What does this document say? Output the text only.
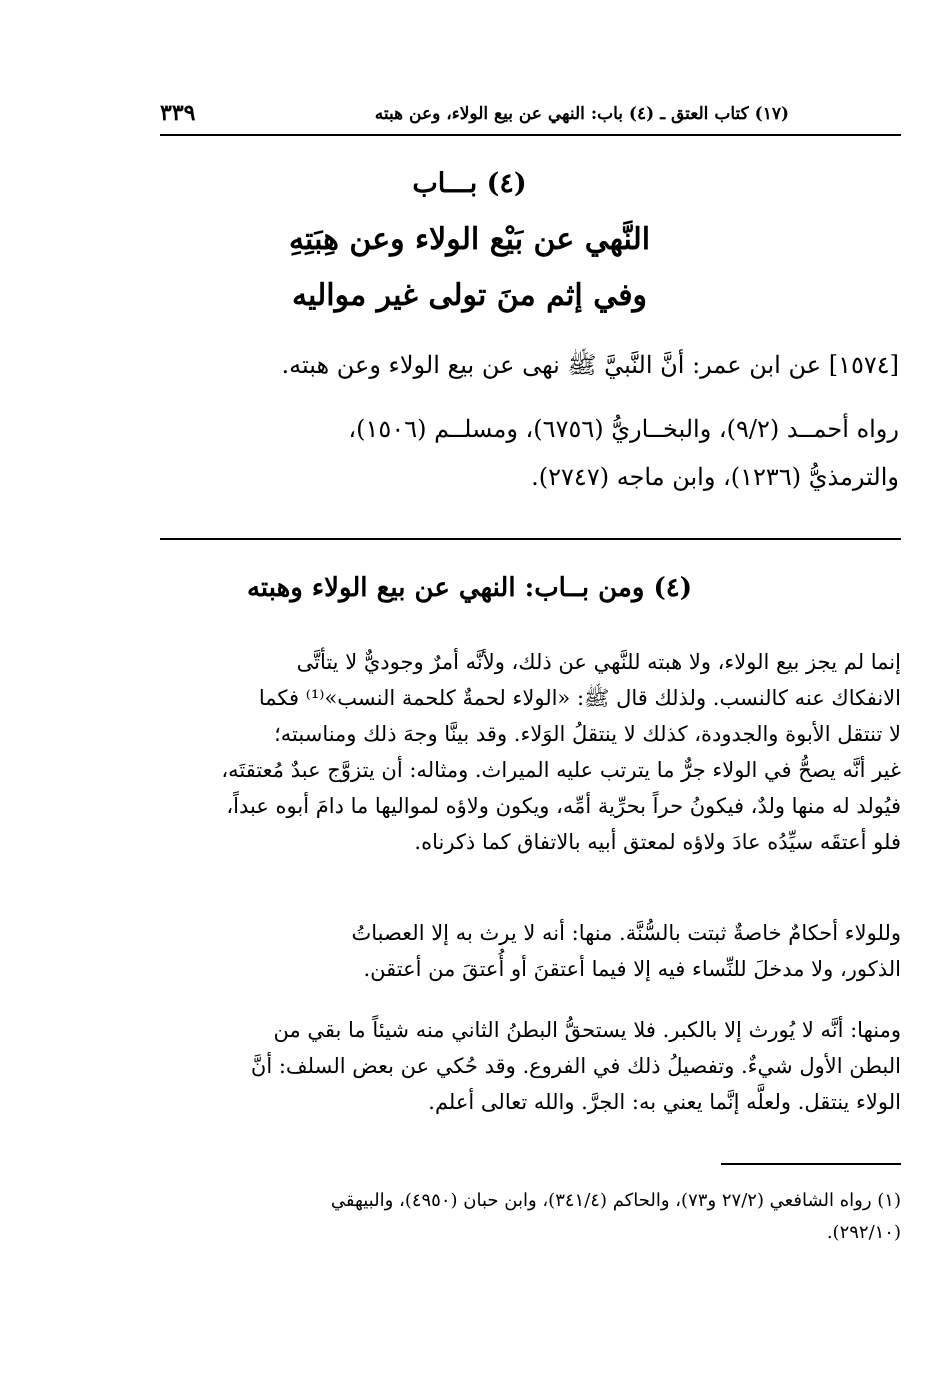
٣٣٩	(١٧) كتاب العتق ـ (٤) باب: النهي عن بيع الولاء، وعن هبته
(٤) بـــاب
النَّهي عن بَيْع الولاء وعن هِبَتِهِ
وفي إثم منَ تولى غير مواليه
[١٥٧٤] عن ابن عمر: أنَّ النَّبيَّ ﷺ نهى عن بيع الولاء وعن هبته.
رواه أحمــد (٩/٢)، والبخــاريُّ (٦٧٥٦)، ومسلــم (١٥٠٦)،
والترمذيُّ (١٢٣٦)، وابن ماجه (٢٧٤٧).
(٤) ومن بــاب: النهي عن بيع الولاء وهبته
إنما لم يجز بيع الولاء، ولا هبته للنَّهي عن ذلك، ولأنَّه أمرٌ وجوديٌّ لا يتأتَّى
الانفكاك عنه كالنسب. ولذلك قال ﷺ: «الولاء لحمةٌ كلحمة النسب»⁽¹⁾ فكما
لا تنتقل الأبوة والجدودة، كذلك لا ينتقلُ الوَلاء. وقد بينَّا وجهَ ذلك ومناسبته؛
غير أنَّه يصحُّ في الولاء جرٌّ ما يترتب عليه الميراث. ومثاله: أن يتزوَّج عبدٌ مُعتقتَه،
فيُولد له منها ولدٌ، فيكونُ حراً بحرِّية أمِّه، ويكون ولاؤه لمواليها ما دامَ أبوه عبداً،
فلو أعتقَه سيِّدُه عادَ ولاؤه لمعتق أبيه بالاتفاق كما ذكرناه.
وللولاء أحكامٌ خاصةٌ ثبتت بالسُّنَّة. منها: أنه لا يرث به إلا العصباتُ
الذكور، ولا مدخلَ للنِّساء فيه إلا فيما أعتقنَ أو أُعتقَ من أعتقن.
ومنها: أنَّه لا يُورث إلا بالكبر. فلا يستحقُّ البطنُ الثاني منه شيئاً ما بقي من
البطن الأول شيءٌ. وتفصيلُ ذلك في الفروع. وقد حُكي عن بعض السلف: أنَّ
الولاء ينتقل. ولعلَّه إنَّما يعني به: الجرَّ. والله تعالى أعلم.
(١) رواه الشافعي (٢٧/٢ و٧٣)، والحاكم (٣٤١/٤)، وابن حبان (٤٩٥٠)، والبيهقي
(٢٩٢/١٠).
